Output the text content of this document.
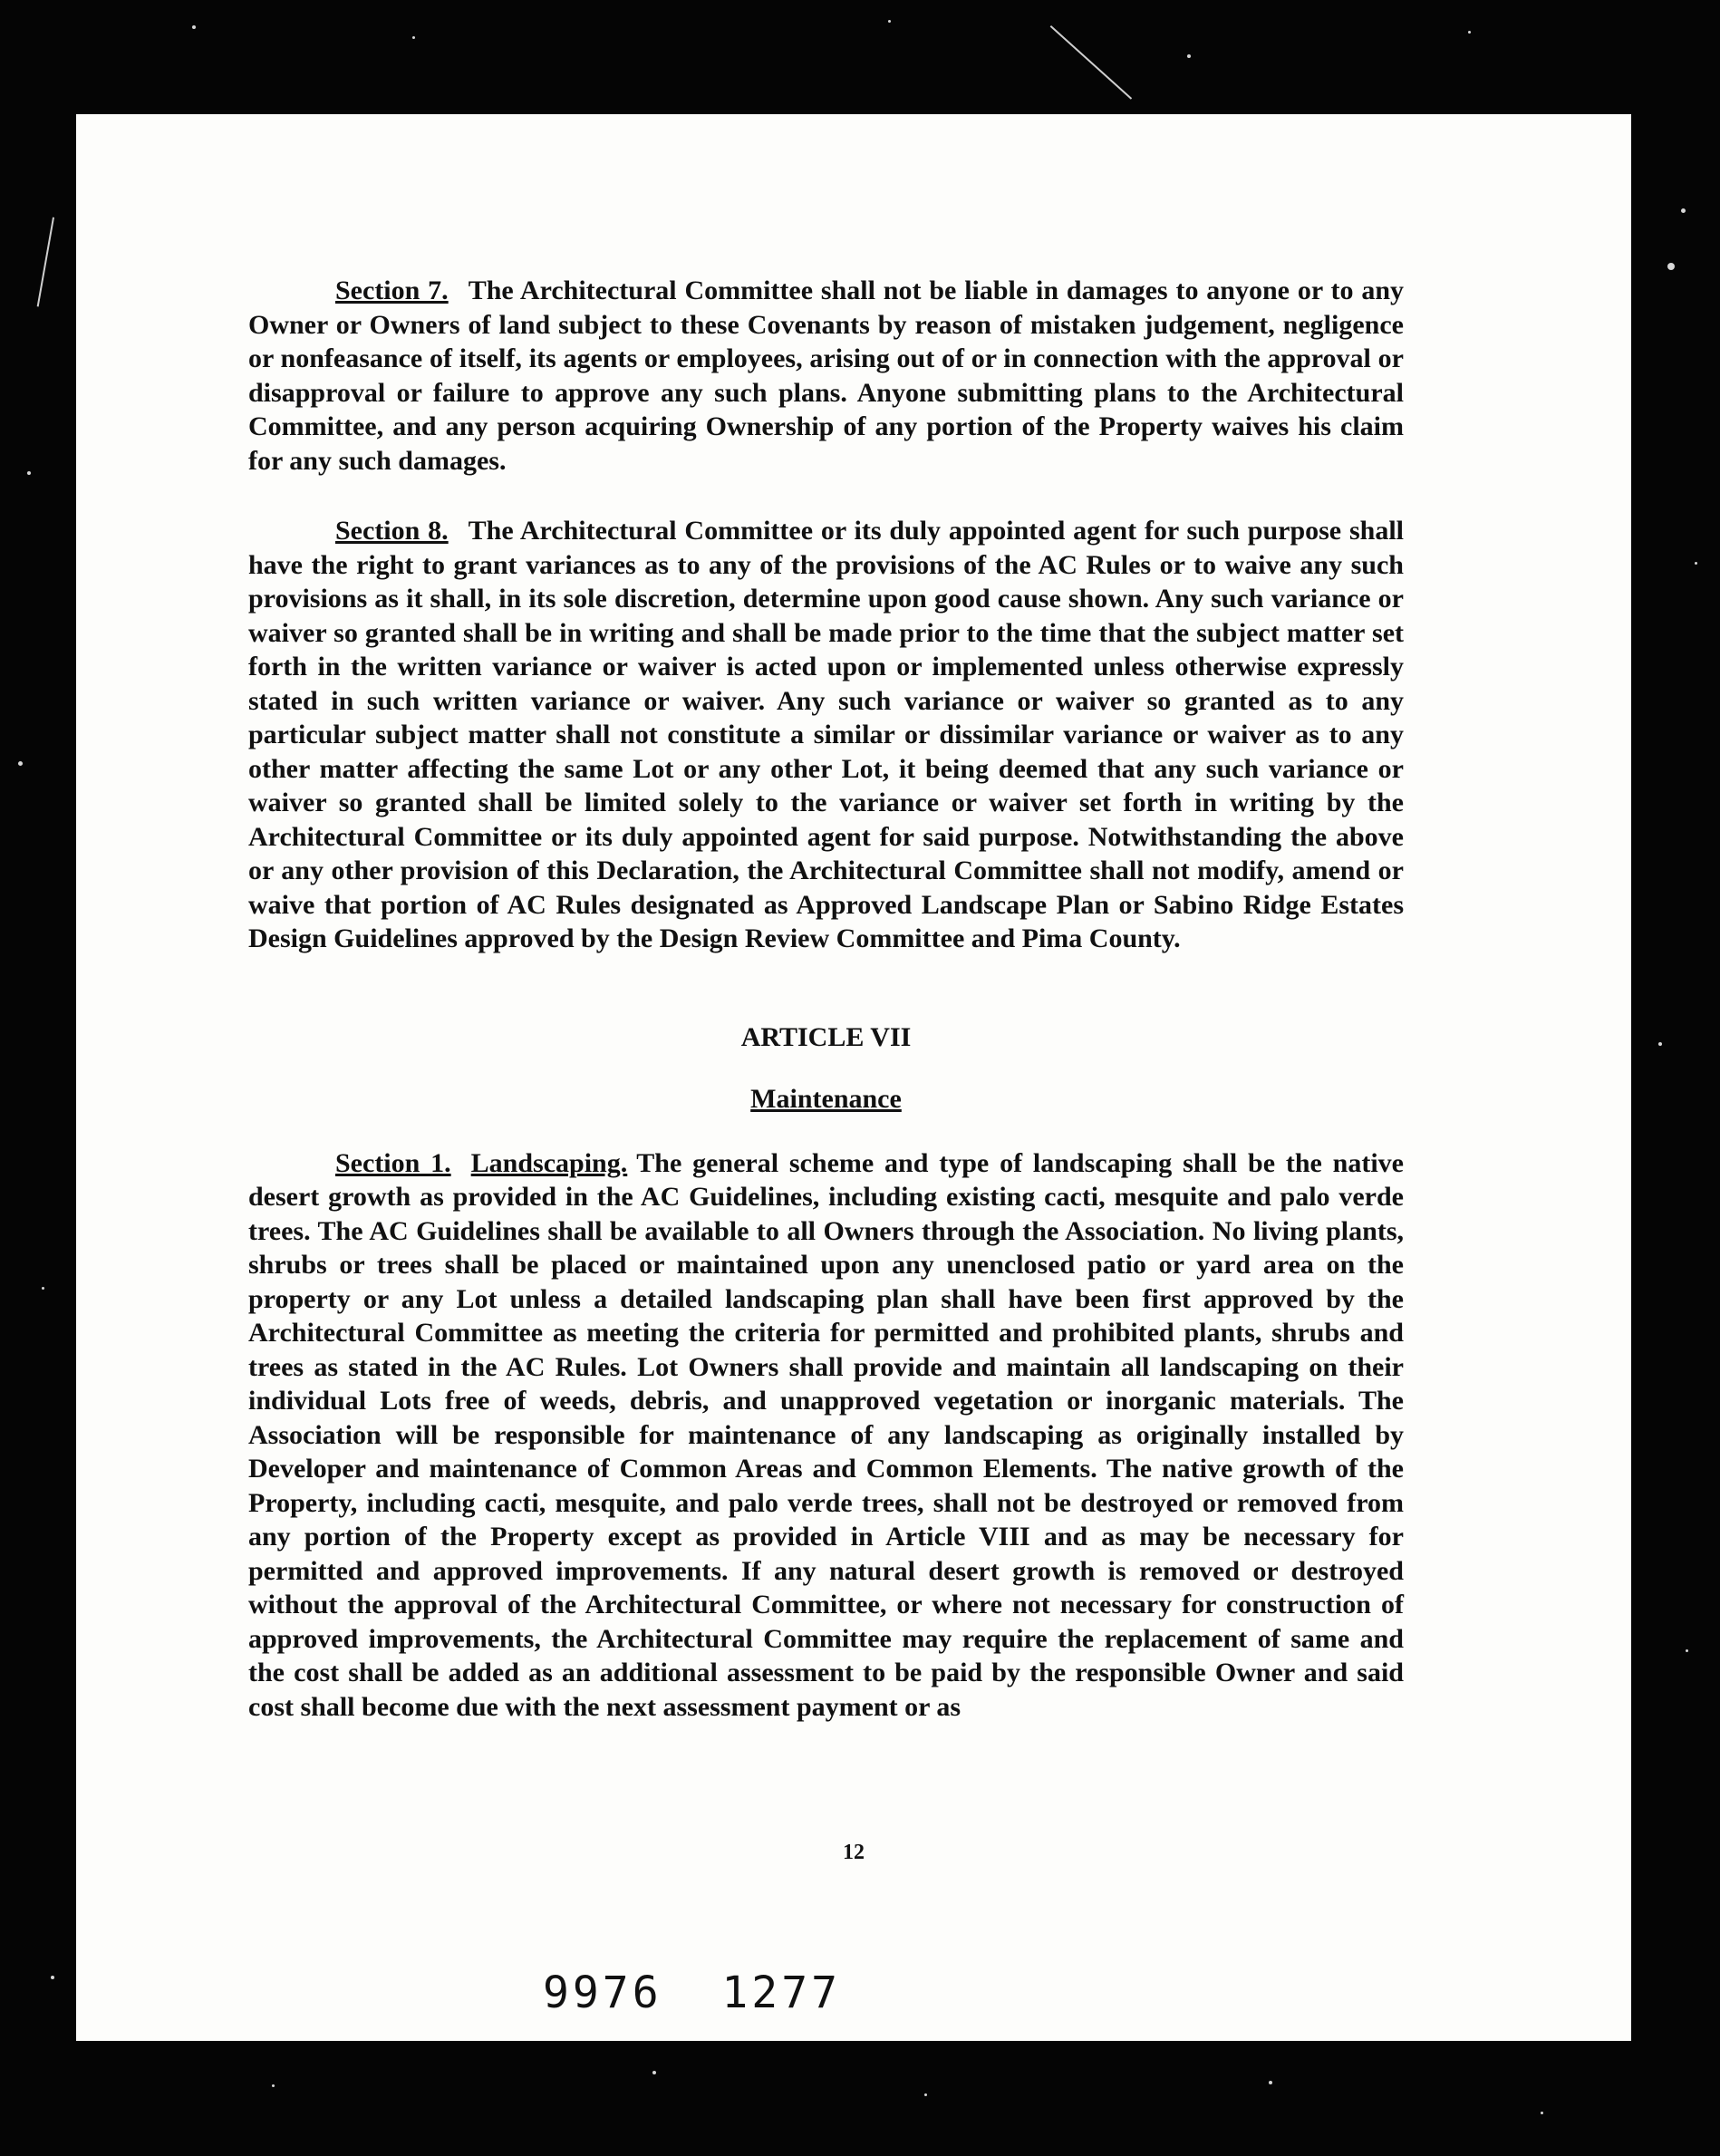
Section 7. The Architectural Committee shall not be liable in damages to anyone or to any Owner or Owners of land subject to these Covenants by reason of mistaken judgement, negligence or nonfeasance of itself, its agents or employees, arising out of or in connection with the approval or disapproval or failure to approve any such plans. Anyone submitting plans to the Architectural Committee, and any person acquiring Ownership of any portion of the Property waives his claim for any such damages.

Section 8. The Architectural Committee or its duly appointed agent for such purpose shall have the right to grant variances as to any of the provisions of the AC Rules or to waive any such provisions as it shall, in its sole discretion, determine upon good cause shown. Any such variance or waiver so granted shall be in writing and shall be made prior to the time that the subject matter set forth in the written variance or waiver is acted upon or implemented unless otherwise expressly stated in such written variance or waiver. Any such variance or waiver so granted as to any particular subject matter shall not constitute a similar or dissimilar variance or waiver as to any other matter affecting the same Lot or any other Lot, it being deemed that any such variance or waiver so granted shall be limited solely to the variance or waiver set forth in writing by the Architectural Committee or its duly appointed agent for said purpose. Notwithstanding the above or any other provision of this Declaration, the Architectural Committee shall not modify, amend or waive that portion of AC Rules designated as Approved Landscape Plan or Sabino Ridge Estates Design Guidelines approved by the Design Review Committee and Pima County.

ARTICLE VII

Maintenance

Section 1. Landscaping. The general scheme and type of landscaping shall be the native desert growth as provided in the AC Guidelines, including existing cacti, mesquite and palo verde trees. The AC Guidelines shall be available to all Owners through the Association. No living plants, shrubs or trees shall be placed or maintained upon any unenclosed patio or yard area on the property or any Lot unless a detailed landscaping plan shall have been first approved by the Architectural Committee as meeting the criteria for permitted and prohibited plants, shrubs and trees as stated in the AC Rules. Lot Owners shall provide and maintain all landscaping on their individual Lots free of weeds, debris, and unapproved vegetation or inorganic materials. The Association will be responsible for maintenance of any landscaping as originally installed by Developer and maintenance of Common Areas and Common Elements. The native growth of the Property, including cacti, mesquite, and palo verde trees, shall not be destroyed or removed from any portion of the Property except as provided in Article VIII and as may be necessary for permitted and approved improvements. If any natural desert growth is removed or destroyed without the approval of the Architectural Committee, or where not necessary for construction of approved improvements, the Architectural Committee may require the replacement of same and the cost shall be added as an additional assessment to be paid by the responsible Owner and said cost shall become due with the next assessment payment or as

12
9976  1277
